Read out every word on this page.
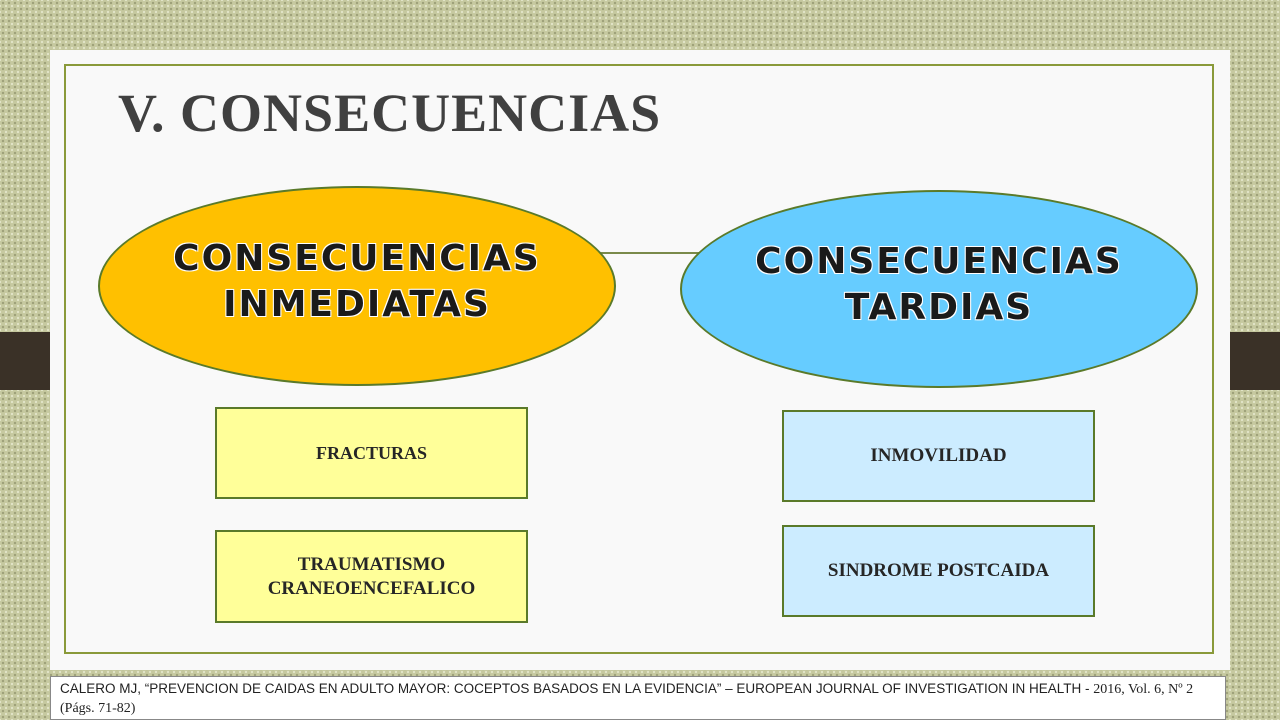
V. CONSECUENCIAS
CONSECUENCIAS
INMEDIATAS
CONSECUENCIAS
TARDIAS
FRACTURAS
TRAUMATISMO
CRANEOENCEFALICO
INMOVILIDAD
SINDROME POSTCAIDA
CALERO MJ, “PREVENCION DE CAIDAS EN ADULTO MAYOR: COCEPTOS BASADOS EN LA EVIDENCIA” – EUROPEAN JOURNAL OF INVESTIGATION IN HEALTH - 2016, Vol. 6, Nº 2 (Págs. 71-82)
